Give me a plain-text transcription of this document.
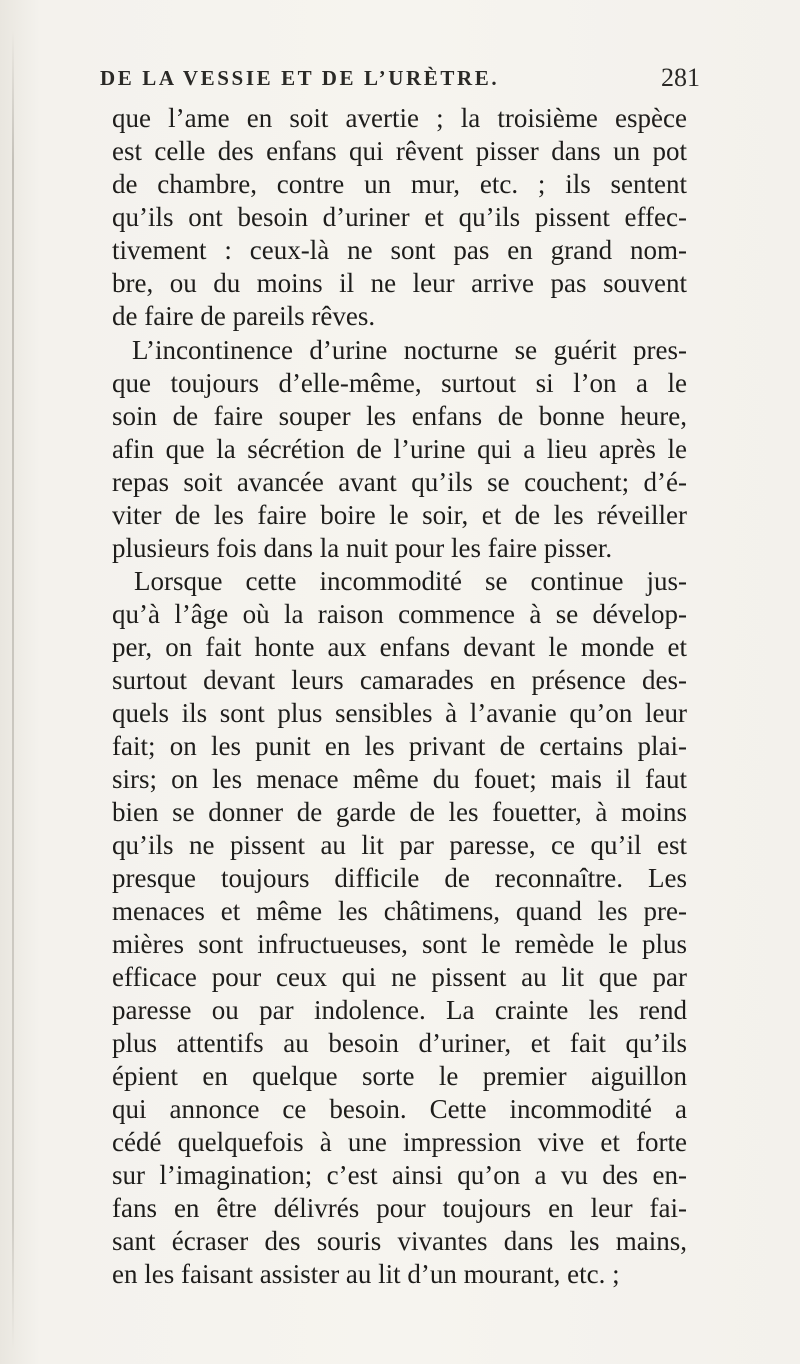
DE LA VESSIE ET DE L’URÈTRE.	281
que l’ame en soit avertie ; la troisième espèce
est celle des enfans qui rêvent pisser dans un pot
de chambre, contre un mur, etc. ; ils sentent
qu’ils ont besoin d’uriner et qu’ils pissent effec-
tivement : ceux-là ne sont pas en grand nom-
bre, ou du moins il ne leur arrive pas souvent
de faire de pareils rêves.
L’incontinence d’urine nocturne se guérit pres-
que toujours d’elle-même, surtout si l’on a le
soin de faire souper les enfans de bonne heure,
afin que la sécrétion de l’urine qui a lieu après le
repas soit avancée avant qu’ils se couchent; d’é-
viter de les faire boire le soir, et de les réveiller
plusieurs fois dans la nuit pour les faire pisser.
Lorsque cette incommodité se continue jus-
qu’à l’âge où la raison commence à se dévelop-
per, on fait honte aux enfans devant le monde et
surtout devant leurs camarades en présence des-
quels ils sont plus sensibles à l’avanie qu’on leur
fait; on les punit en les privant de certains plai-
sirs; on les menace même du fouet; mais il faut
bien se donner de garde de les fouetter, à moins
qu’ils ne pissent au lit par paresse, ce qu’il est
presque toujours difficile de reconnaître. Les
menaces et même les châtimens, quand les pre-
mières sont infructueuses, sont le remède le plus
efficace pour ceux qui ne pissent au lit que par
paresse ou par indolence. La crainte les rend
plus attentifs au besoin d’uriner, et fait qu’ils
épient en quelque sorte le premier aiguillon
qui annonce ce besoin. Cette incommodité a
cédé quelquefois à une impression vive et forte
sur l’imagination; c’est ainsi qu’on a vu des en-
fans en être délivrés pour toujours en leur fai-
sant écraser des souris vivantes dans les mains,
en les faisant assister au lit d’un mourant, etc. ;
